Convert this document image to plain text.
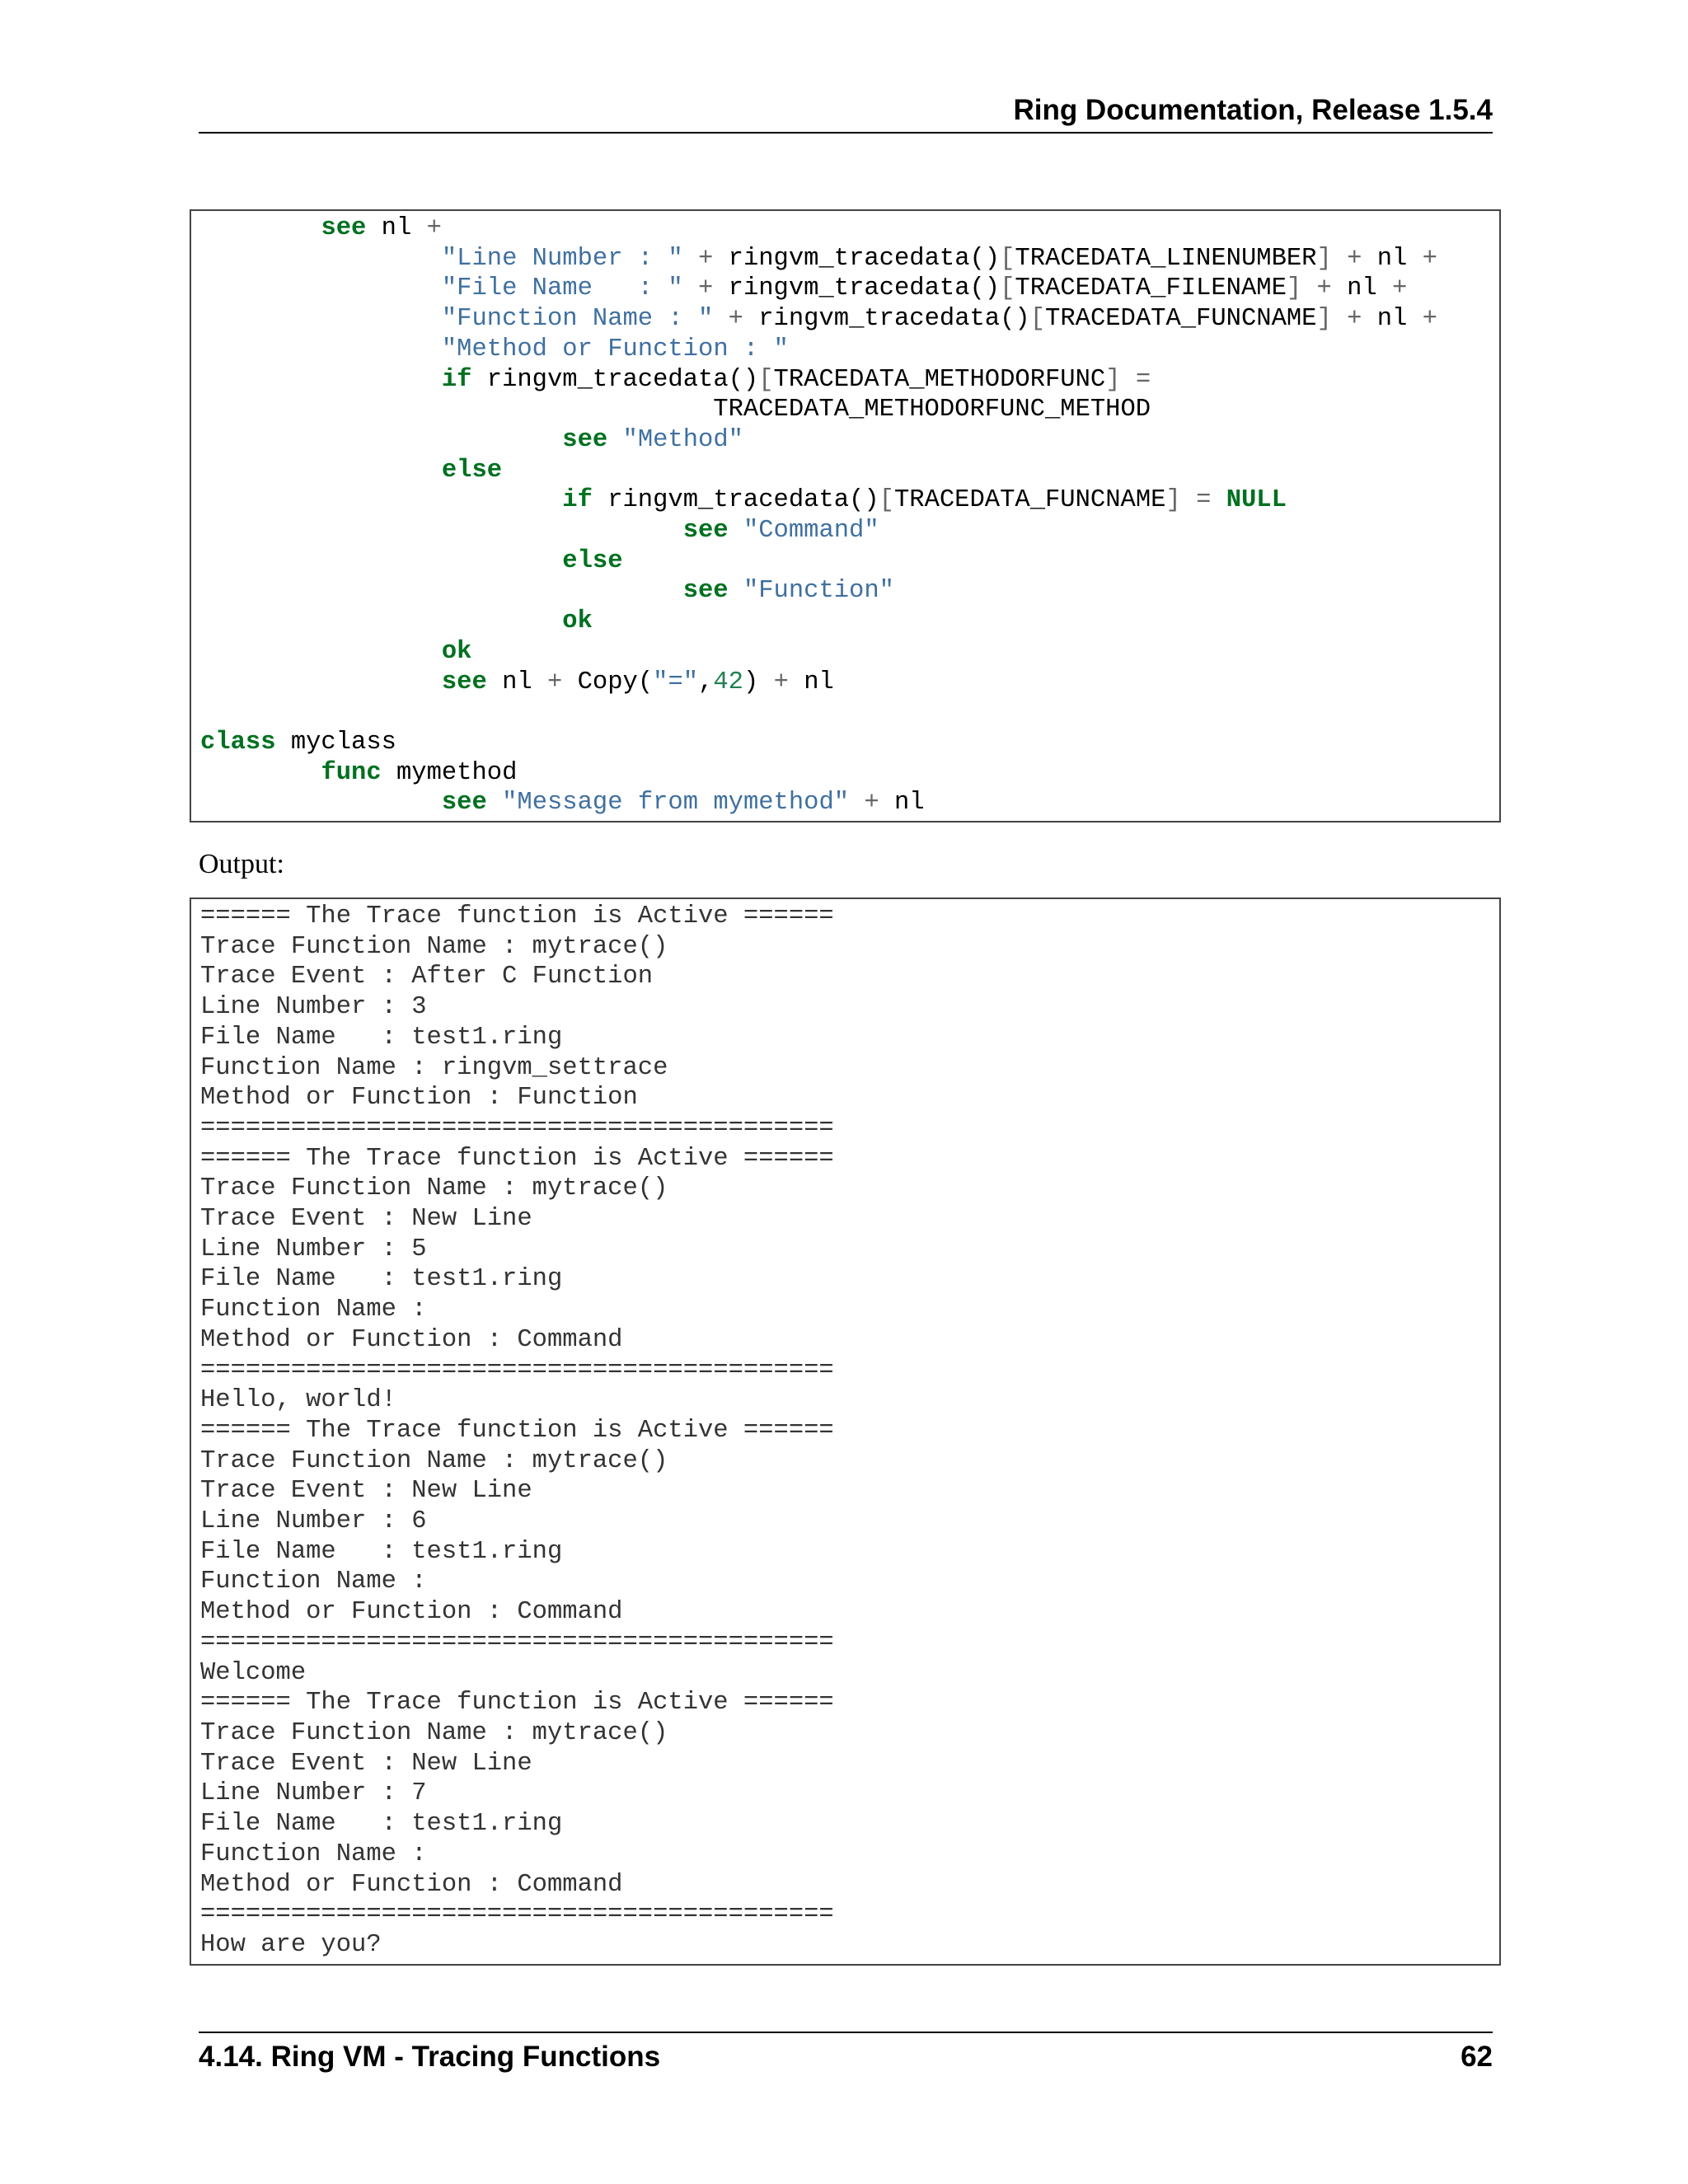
Ring Documentation, Release 1.5.4
see nl +
"Line Number : " + ringvm_tracedata()[TRACEDATA_LINENUMBER] + nl +
"File Name   : " + ringvm_tracedata()[TRACEDATA_FILENAME] + nl +
"Function Name : " + ringvm_tracedata()[TRACEDATA_FUNCNAME] + nl +
"Method or Function : "
if ringvm_tracedata()[TRACEDATA_METHODORFUNC] =
TRACEDATA_METHODORFUNC_METHOD
see "Method"
else
if ringvm_tracedata()[TRACEDATA_FUNCNAME] = NULL
see "Command"
else
see "Function"
ok
ok
see nl + Copy("=",42) + nl

class myclass
func mymethod
see "Message from mymethod" + nl
Output:
====== The Trace function is Active ======
Trace Function Name : mytrace()
Trace Event : After C Function
Line Number : 3
File Name   : test1.ring
Function Name : ringvm_settrace
Method or Function : Function
==========================================
====== The Trace function is Active ======
Trace Function Name : mytrace()
Trace Event : New Line
Line Number : 5
File Name   : test1.ring
Function Name :
Method or Function : Command
==========================================
Hello, world!
====== The Trace function is Active ======
Trace Function Name : mytrace()
Trace Event : New Line
Line Number : 6
File Name   : test1.ring
Function Name :
Method or Function : Command
==========================================
Welcome
====== The Trace function is Active ======
Trace Function Name : mytrace()
Trace Event : New Line
Line Number : 7
File Name   : test1.ring
Function Name :
Method or Function : Command
==========================================
How are you?
4.14. Ring VM - Tracing Functions	62
